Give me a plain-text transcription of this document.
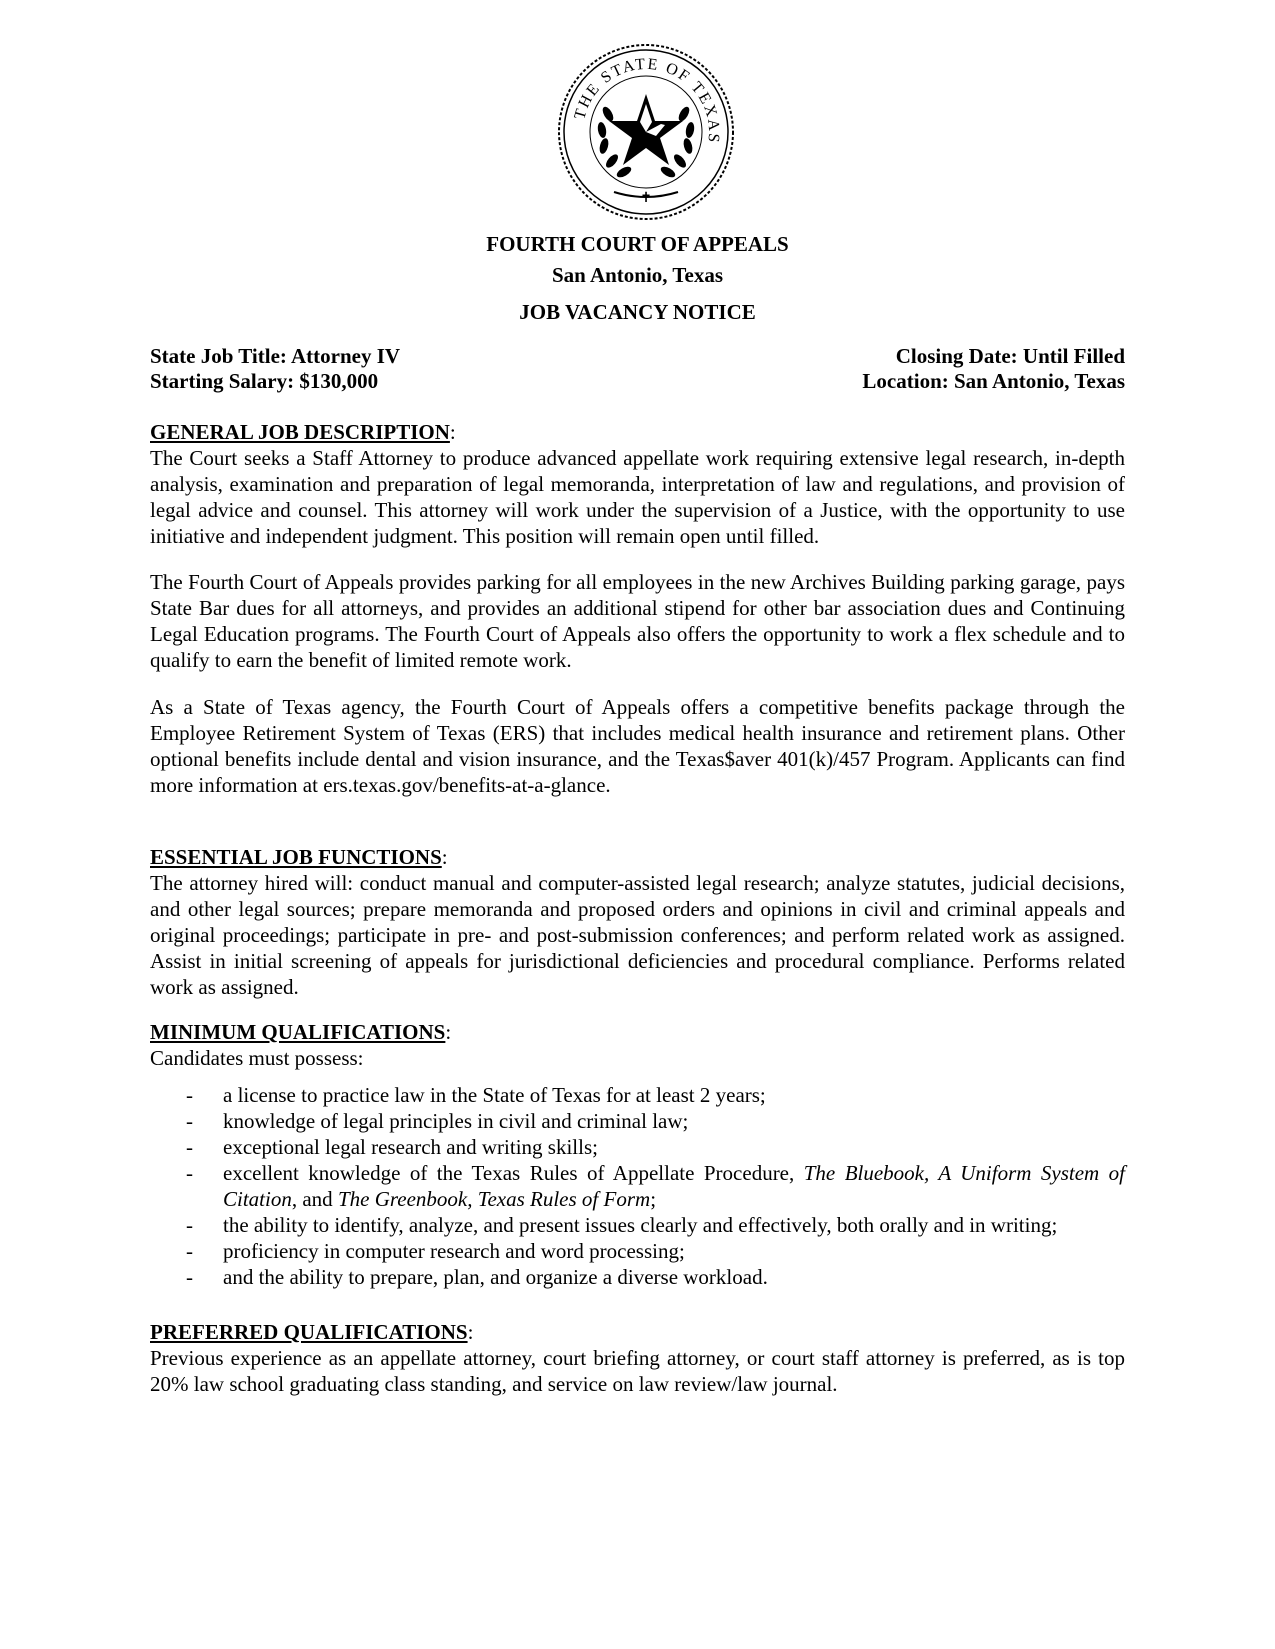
THE STATE OF TEXAS
✝
FOURTH COURT OF APPEALS
San Antonio, Texas
JOB VACANCY NOTICE
State Job Title: Attorney IV	Closing Date: Until Filled
Starting Salary: $130,000	Location: San Antonio, Texas
GENERAL JOB DESCRIPTION:

The Court seeks a Staff Attorney to produce advanced appellate work requiring extensive legal research, in-depth analysis, examination and preparation of legal memoranda, interpretation of law and regulations, and provision of legal advice and counsel. This attorney will work under the supervision of a Justice, with the opportunity to use initiative and independent judgment. This position will remain open until filled.

The Fourth Court of Appeals provides parking for all employees in the new Archives Building parking garage, pays State Bar dues for all attorneys, and provides an additional stipend for other bar association dues and Continuing Legal Education programs. The Fourth Court of Appeals also offers the opportunity to work a flex schedule and to qualify to earn the benefit of limited remote work.

As a State of Texas agency, the Fourth Court of Appeals offers a competitive benefits package through the Employee Retirement System of Texas (ERS) that includes medical health insurance and retirement plans. Other optional benefits include dental and vision insurance, and the Texas$aver 401(k)/457 Program. Applicants can find more information at ers.texas.gov/benefits-at-a-glance.

ESSENTIAL JOB FUNCTIONS:

The attorney hired will: conduct manual and computer-assisted legal research; analyze statutes, judicial decisions, and other legal sources; prepare memoranda and proposed orders and opinions in civil and criminal appeals and original proceedings; participate in pre- and post-submission conferences; and perform related work as assigned. Assist in initial screening of appeals for jurisdictional deficiencies and procedural compliance. Performs related work as assigned.

MINIMUM QUALIFICATIONS:
Candidates must possess:
- a license to practice law in the State of Texas for at least 2 years;
- knowledge of legal principles in civil and criminal law;
- exceptional legal research and writing skills;
- excellent knowledge of the Texas Rules of Appellate Procedure, The Bluebook, A Uniform System of Citation, and The Greenbook, Texas Rules of Form;
- the ability to identify, analyze, and present issues clearly and effectively, both orally and in writing;
- proficiency in computer research and word processing;
- and the ability to prepare, plan, and organize a diverse workload.
PREFERRED QUALIFICATIONS:

Previous experience as an appellate attorney, court briefing attorney, or court staff attorney is preferred, as is top 20% law school graduating class standing, and service on law review/law journal.
